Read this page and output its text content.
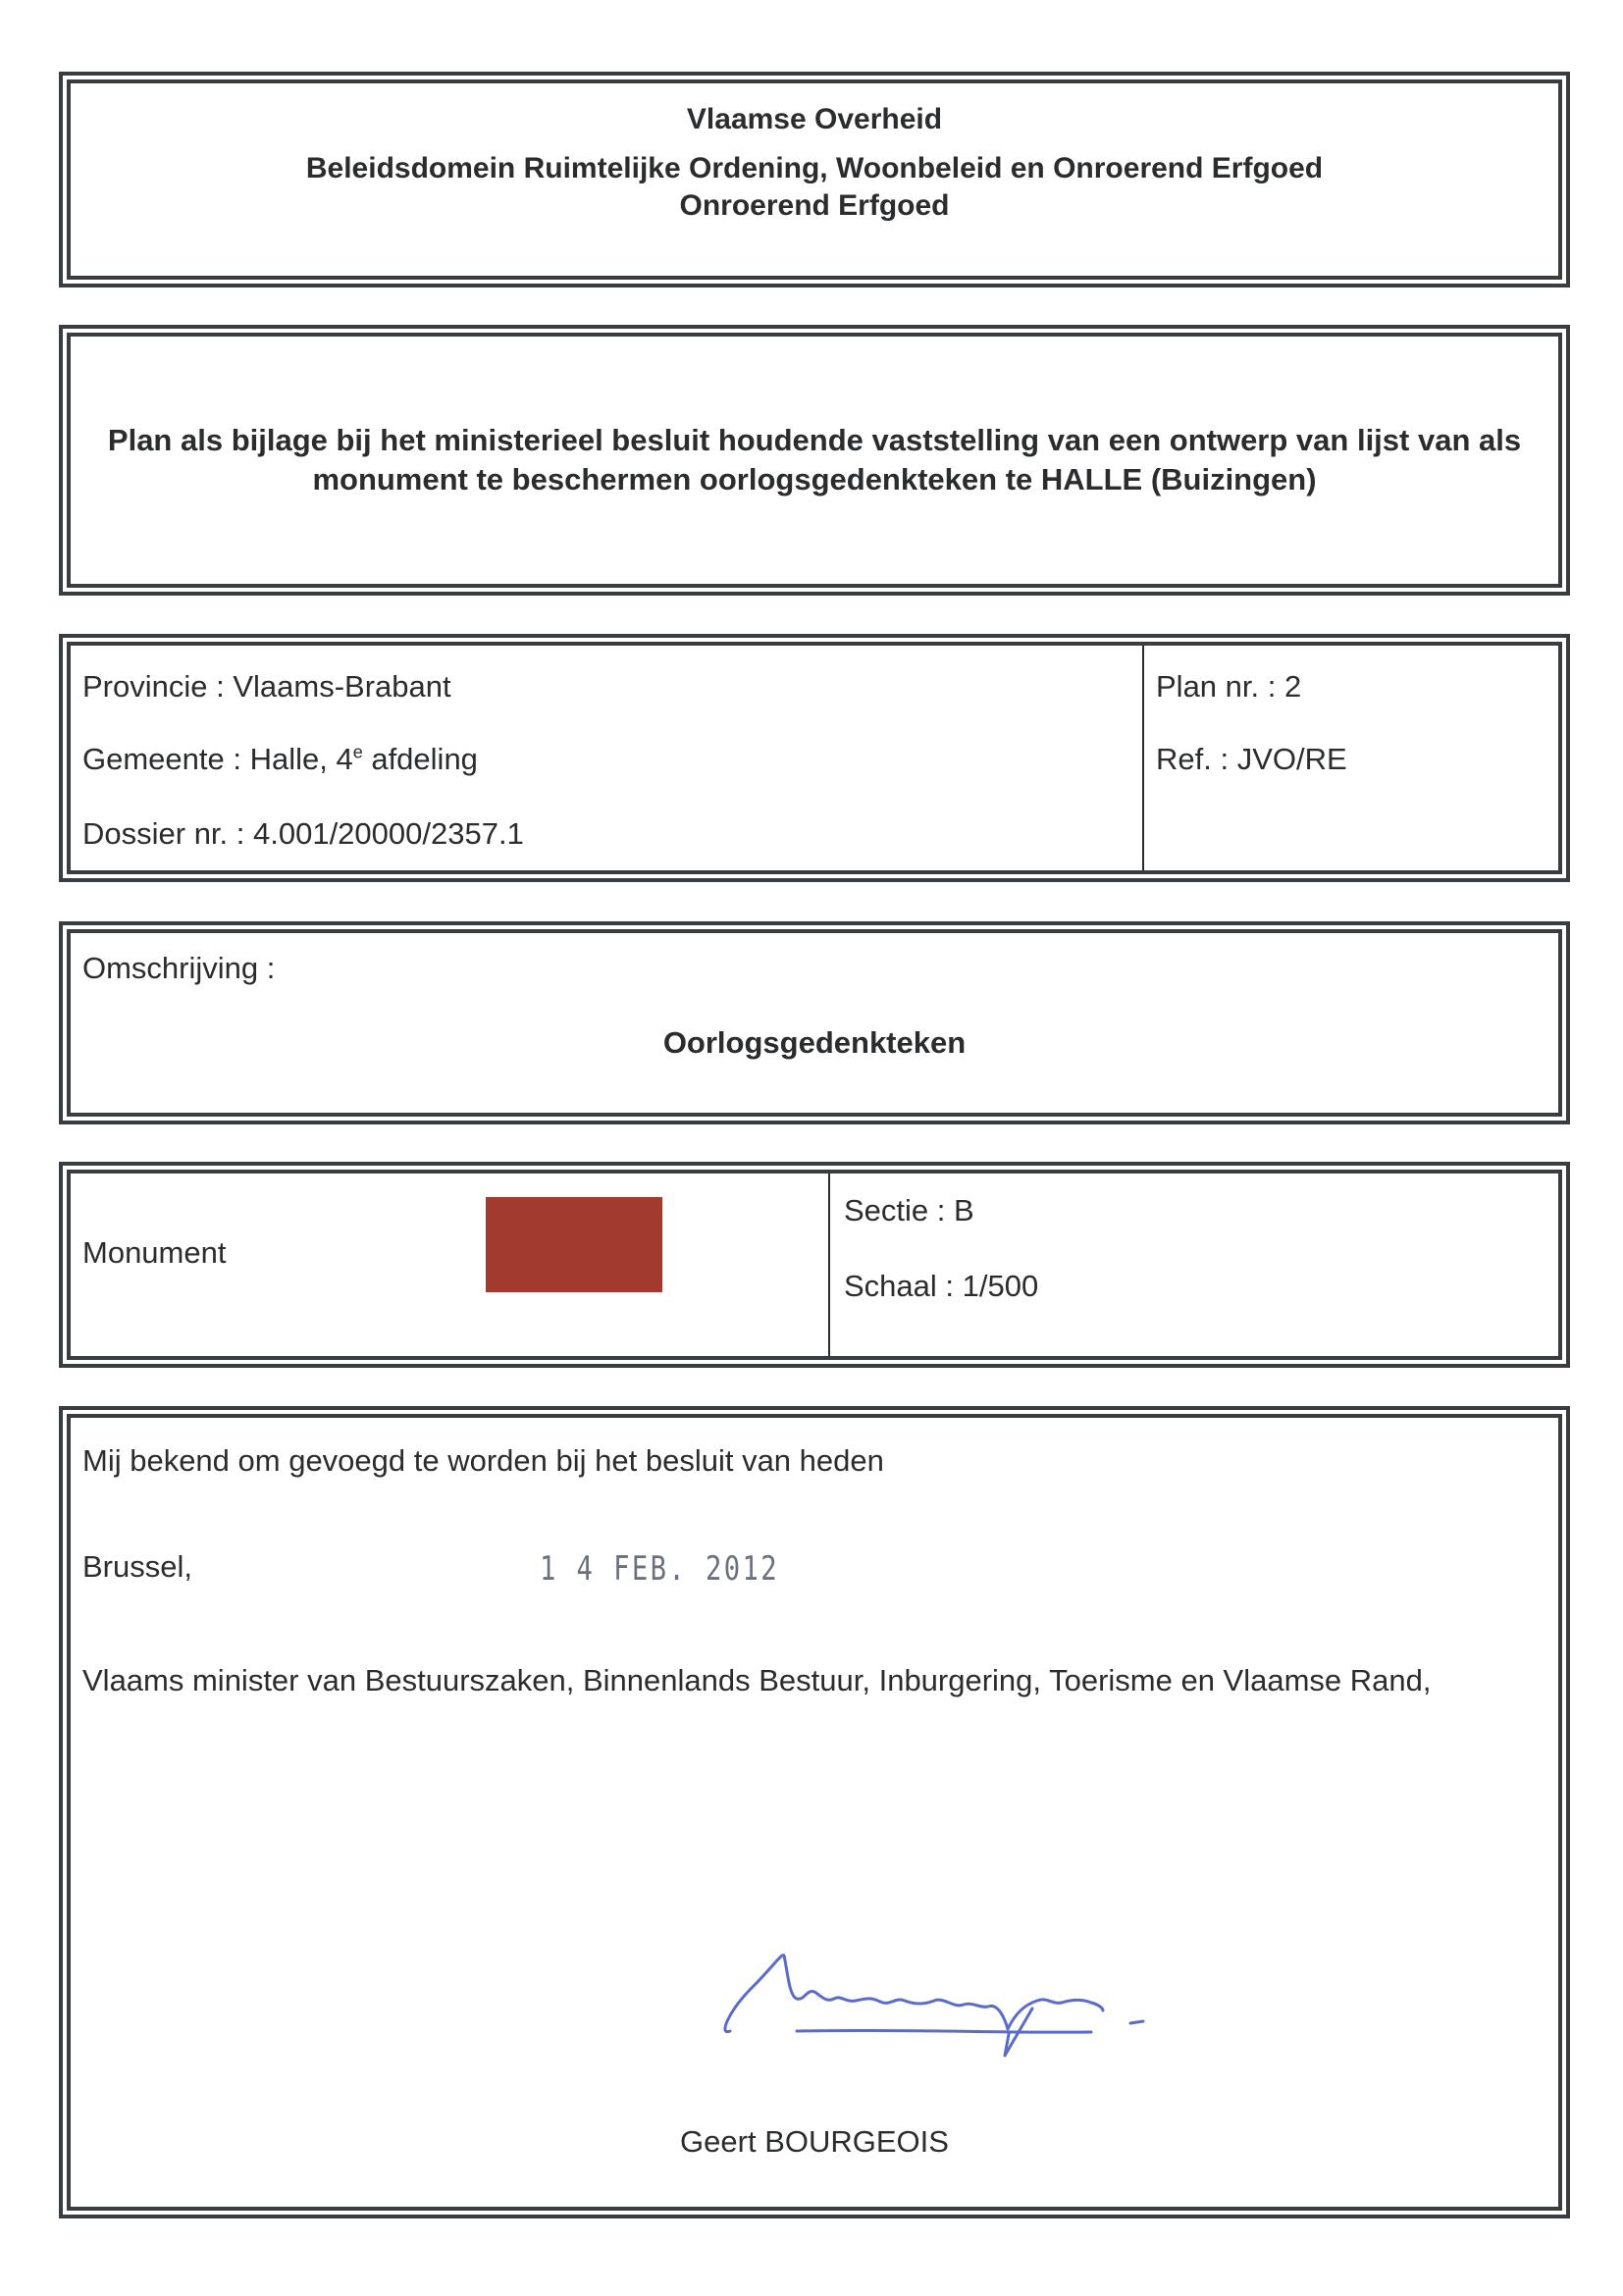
Vlaamse Overheid
Beleidsdomein Ruimtelijke Ordening, Woonbeleid en Onroerend Erfgoed
Onroerend Erfgoed
Plan als bijlage bij het ministerieel besluit houdende vaststelling van een ontwerp van lijst van als monument te beschermen oorlogsgedenkteken te HALLE (Buizingen)
Provincie : Vlaams-Brabant
Gemeente : Halle, 4e afdeling
Dossier nr. : 4.001/20000/2357.1
Plan nr. : 2
Ref. : JVO/RE
Omschrijving :
Oorlogsgedenkteken
Monument
Sectie : B
Schaal : 1/500
Mij bekend om gevoegd te worden bij het besluit van heden
Brussel,	1 4 FEB. 2012
Vlaams minister van Bestuurszaken, Binnenlands Bestuur, Inburgering, Toerisme en Vlaamse Rand,
Geert BOURGEOIS
